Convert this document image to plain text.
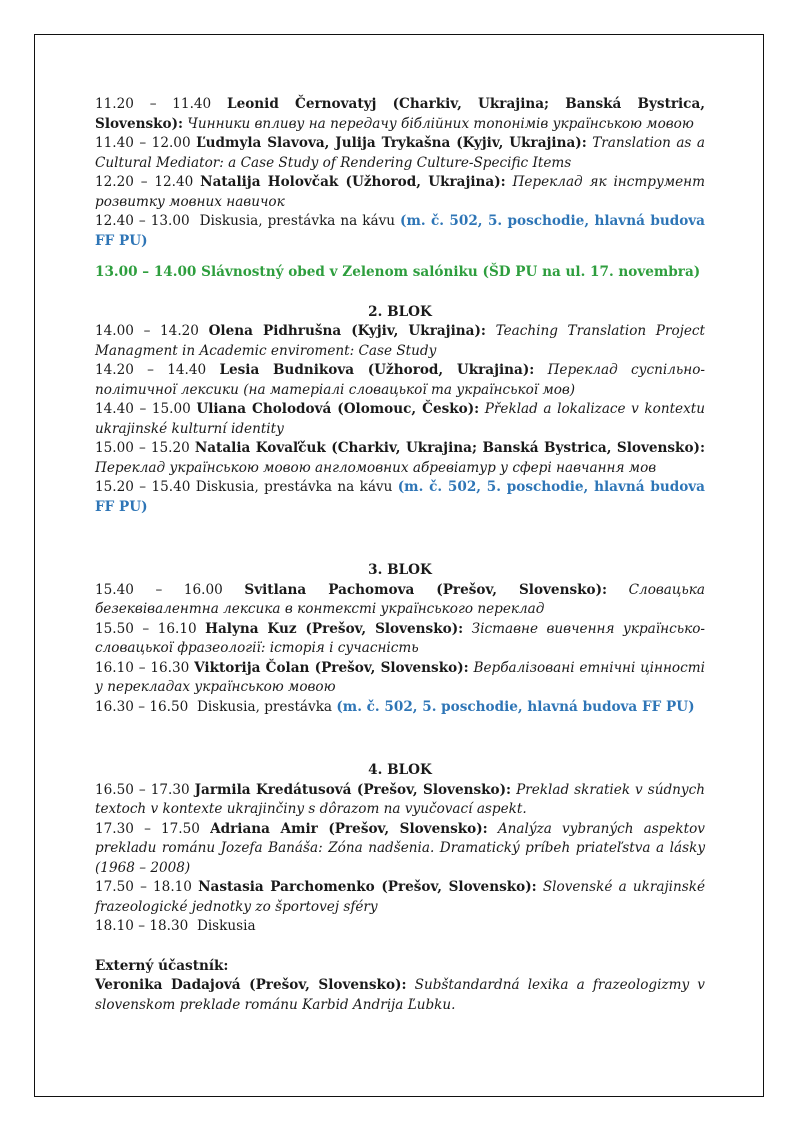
11.20 – 11.40 Leonid Černovatyj (Charkiv, Ukrajina; Banská Bystrica, Slovensko): Чинники впливу на передачу біблійних топонімів українською мовою

11.40 – 12.00 Ľudmyla Slavova, Julija Trykašna (Kyjiv, Ukrajina): Translation as a Cultural Mediator: a Case Study of Rendering Culture-Specific Items

12.20 – 12.40 Natalija Holovčak (Užhorod, Ukrajina): Переклад як інструмент розвитку мовних навичок

12.40 – 13.00 Diskusia, prestávka na kávu (m. č. 502, 5. poschodie, hlavná budova FF PU)

13.00 – 14.00 Slávnostný obed v Zelenom salóniku (ŠD PU na ul. 17. novembra)

2. BLOK

14.00 – 14.20 Olena Pidhrušna (Kyjiv, Ukrajina): Teaching Translation Project Managment in Academic enviroment: Case Study

14.20 – 14.40 Lesia Budnikova (Užhorod, Ukrajina): Переклад суспільно-політичної лексики (на матеріалі словацької та української мов)

14.40 – 15.00 Uliana Cholodová (Olomouc, Česko): Překlad a lokalizace v kontextu ukrajinské kulturní identity

15.00 – 15.20 Natalia Kovaľčuk (Charkiv, Ukrajina; Banská Bystrica, Slovensko): Переклад українською мовою англомовних абревіатур у сфері навчання мов

15.20 – 15.40 Diskusia, prestávka na kávu (m. č. 502, 5. poschodie, hlavná budova FF PU)

3. BLOK

15.40 – 16.00 Svitlana Pachomova (Prešov, Slovensko): Словацька безеквівалентна лексика в контексті українського переклад

15.50 – 16.10 Halyna Kuz (Prešov, Slovensko): Зіставне вивчення українсько-словацької фразеології: історія і сучасність

16.10 – 16.30 Viktorija Čolan (Prešov, Slovensko): Вербалізовані етнічні цінності у перекладах українською мовою

16.30 – 16.50 Diskusia, prestávka (m. č. 502, 5. poschodie, hlavná budova FF PU)

4. BLOK

16.50 – 17.30 Jarmila Kredátusová (Prešov, Slovensko): Preklad skratiek v súdnych textoch v kontexte ukrajinčiny s dôrazom na vyučovací aspekt.

17.30 – 17.50 Adriana Amir (Prešov, Slovensko): Analýza vybraných aspektov prekladu románu Jozefa Banáša: Zóna nadšenia. Dramatický príbeh priateľstva a lásky (1968 – 2008)

17.50 – 18.10 Nastasia Parchomenko (Prešov, Slovensko): Slovenské a ukrajinské frazeologické jednotky zo športovej sféry

18.10 – 18.30 Diskusia

Externý účastník:

Veronika Dadajová (Prešov, Slovensko): Subštandardná lexika a frazeologizmy v slovenskom preklade románu Karbid Andrija Ľubku.
